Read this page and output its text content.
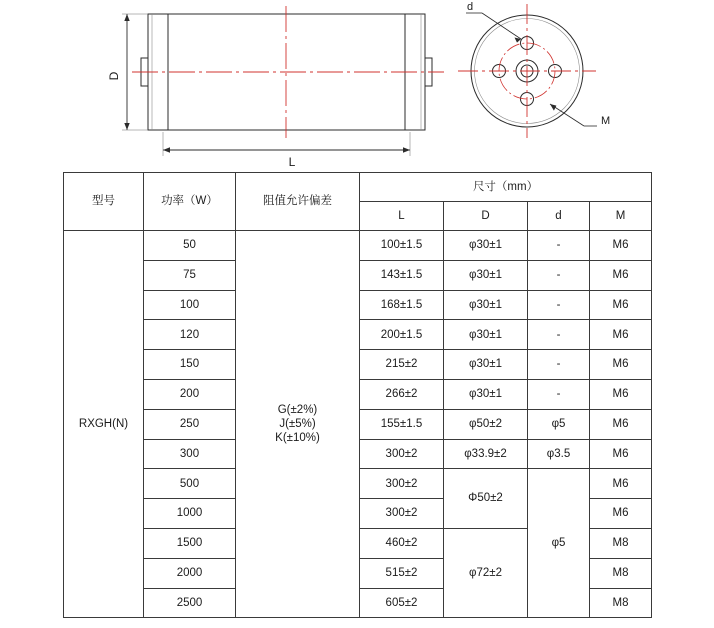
D
L
d
M
型号	功率（W）	阻值允许偏差	尺寸（mm）			
			L	D	d	M
RXGH(N)	50	G(±2%)
J(±5%)
K(±10%)	100±1.5	φ30±1	-	M6
	75		143±1.5	φ30±1	-	M6
	100		168±1.5	φ30±1	-	M6
	120		200±1.5	φ30±1	-	M6
	150		215±2	φ30±1	-	M6
	200		266±2	φ30±1	-	M6
	250		155±1.5	φ50±2	φ5	M6
	300		300±2	φ33.9±2	φ3.5	M6
	500		300±2	Φ50±2	φ5	M6
	1000		300±2			M6
	1500		460±2	φ72±2		M8
	2000		515±2			M8
	2500		605±2			M8
